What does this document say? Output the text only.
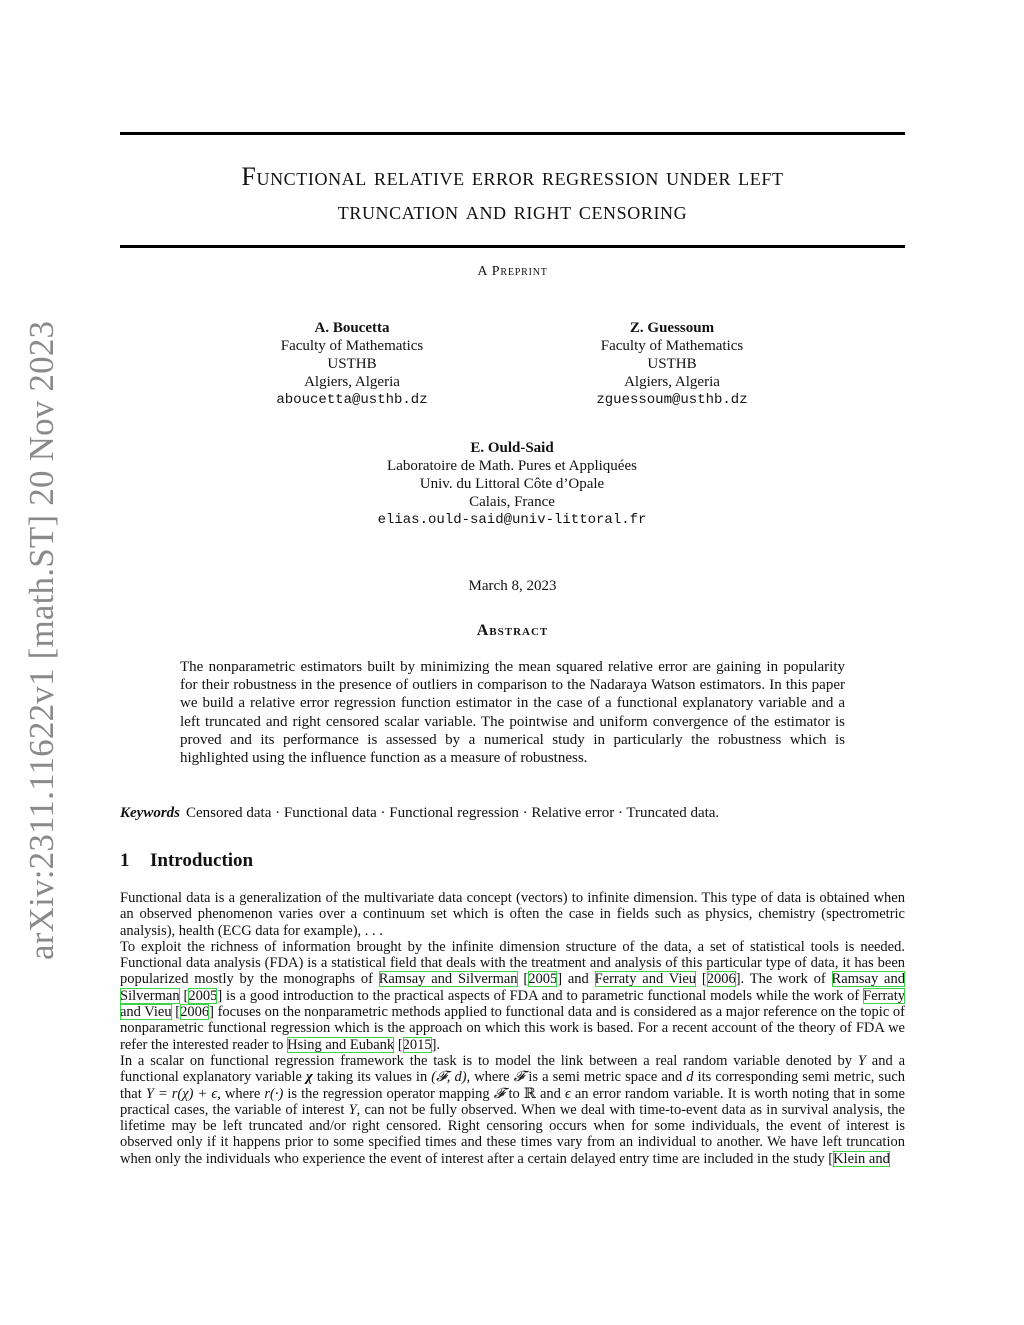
arXiv:2311.11622v1 [math.ST] 20 Nov 2023
Functional relative error regression under left
truncation and right censoring
A Preprint
A. Boucetta
Faculty of Mathematics
USTHB
Algiers, Algeria
aboucetta@usthb.dz
Z. Guessoum
Faculty of Mathematics
USTHB
Algiers, Algeria
zguessoum@usthb.dz
E. Ould-Said
Laboratoire de Math. Pures et Appliquées
Univ. du Littoral Côte d’Opale
Calais, France
elias.ould-said@univ-littoral.fr
March 8, 2023
Abstract

The nonparametric estimators built by minimizing the mean squared relative error are gaining in popularity for their robustness in the presence of outliers in comparison to the Nadaraya Watson estimators. In this paper we build a relative error regression function estimator in the case of a functional explanatory variable and a left truncated and right censored scalar variable. The pointwise and uniform convergence of the estimator is proved and its performance is assessed by a numerical study in particularly the robustness which is highlighted using the influence function as a measure of robustness.

Keywords Censored data · Functional data · Functional regression · Relative error · Truncated data.
1 Introduction

Functional data is a generalization of the multivariate data concept (vectors) to infinite dimension. This type of data is obtained when an observed phenomenon varies over a continuum set which is often the case in fields such as physics, chemistry (spectrometric analysis), health (ECG data for example), . . .

To exploit the richness of information brought by the infinite dimension structure of the data, a set of statistical tools is needed. Functional data analysis (FDA) is a statistical field that deals with the treatment and analysis of this particular type of data, it has been popularized mostly by the monographs of Ramsay and Silverman [2005] and Ferraty and Vieu [2006]. The work of Ramsay and Silverman [2005] is a good introduction to the practical aspects of FDA and to parametric functional models while the work of Ferraty and Vieu [2006] focuses on the nonparametric methods applied to functional data and is considered as a major reference on the topic of nonparametric functional regression which is the approach on which this work is based. For a recent account of the theory of FDA we refer the interested reader to Hsing and Eubank [2015].

In a scalar on functional regression framework the task is to model the link between a real random variable denoted by Y and a functional explanatory variable χ taking its values in (𝓕, d), where 𝓕 is a semi metric space and d its corresponding semi metric, such that Y = r(χ) + ϵ, where r(·) is the regression operator mapping 𝓕 to ℝ and ϵ an error random variable. It is worth noting that in some practical cases, the variable of interest Y, can not be fully observed. When we deal with time-to-event data as in survival analysis, the lifetime may be left truncated and/or right censored. Right censoring occurs when for some individuals, the event of interest is observed only if it happens prior to some specified times and these times vary from an individual to another. We have left truncation when only the individuals who experience the event of interest after a certain delayed entry time are included in the study [Klein and
